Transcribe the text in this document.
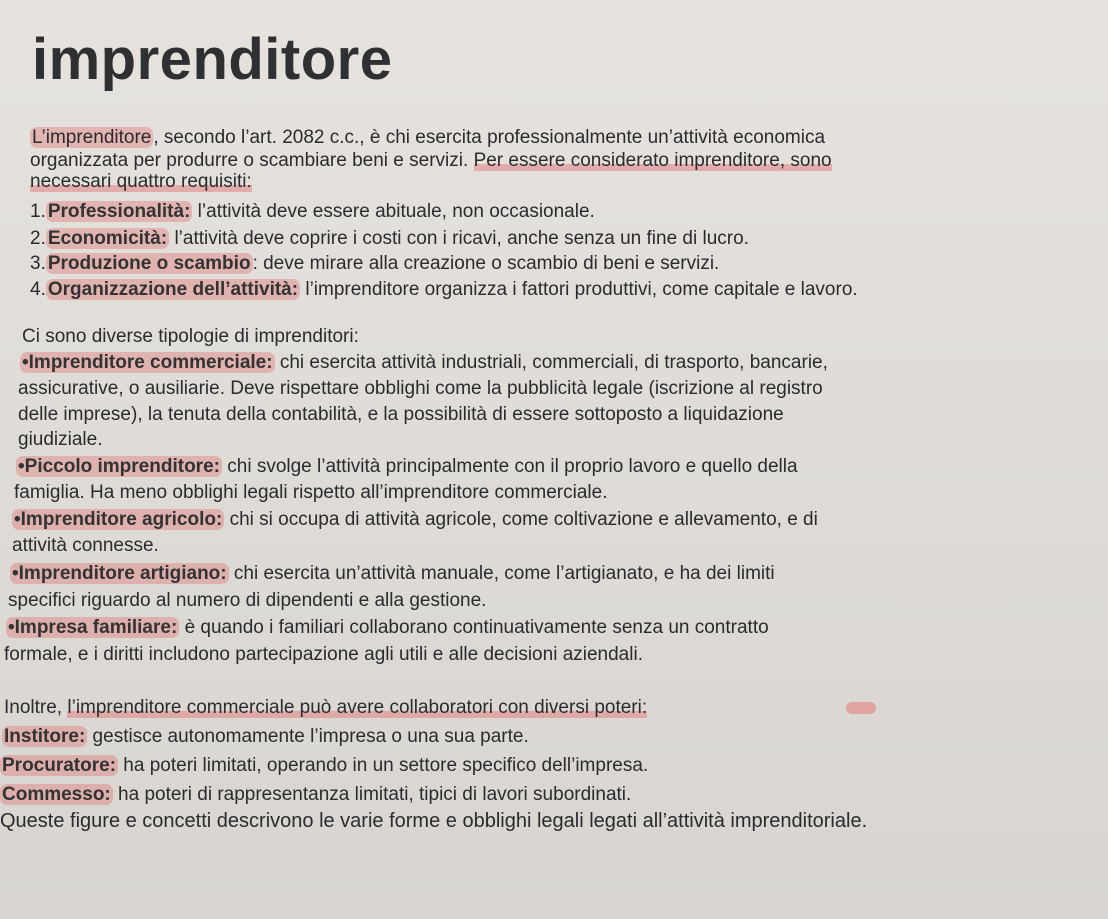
imprenditore
L’imprenditore , secondo l’art. 2082 c.c., è chi esercita professionalmente un’attività economica
organizzata per produrre o scambiare beni e servizi. Per essere considerato imprenditore, sono
necessari quattro requisiti:
1. Professionalità: l’attività deve essere abituale, non occasionale.
2. Economicità: l’attività deve coprire i costi con i ricavi, anche senza un fine di lucro.
3. Produzione o scambio : deve mirare alla creazione o scambio di beni e servizi.
4. Organizzazione dell’attività: l’imprenditore organizza i fattori produttivi, come capitale e lavoro.
Ci sono diverse tipologie di imprenditori:
•Imprenditore commerciale: chi esercita attività industriali, commerciali, di trasporto, bancarie,
assicurative, o ausiliarie. Deve rispettare obblighi come la pubblicità legale (iscrizione al registro
delle imprese), la tenuta della contabilità, e la possibilità di essere sottoposto a liquidazione
giudiziale.
•Piccolo imprenditore: chi svolge l’attività principalmente con il proprio lavoro e quello della
famiglia. Ha meno obblighi legali rispetto all’imprenditore commerciale.
•Imprenditore agricolo: chi si occupa di attività agricole, come coltivazione e allevamento, e di
attività connesse.
•Imprenditore artigiano: chi esercita un’attività manuale, come l’artigianato, e ha dei limiti
specifici riguardo al numero di dipendenti e alla gestione.
•Impresa familiare: è quando i familiari collaborano continuativamente senza un contratto
formale, e i diritti includono partecipazione agli utili e alle decisioni aziendali.
Inoltre, l’imprenditore commerciale può avere collaboratori con diversi poteri:
Institore: gestisce autonomamente l’impresa o una sua parte.
Procuratore: ha poteri limitati, operando in un settore specifico dell’impresa.
Commesso: ha poteri di rappresentanza limitati, tipici di lavori subordinati.
Queste figure e concetti descrivono le varie forme e obblighi legali legati all’attività imprenditoriale.
